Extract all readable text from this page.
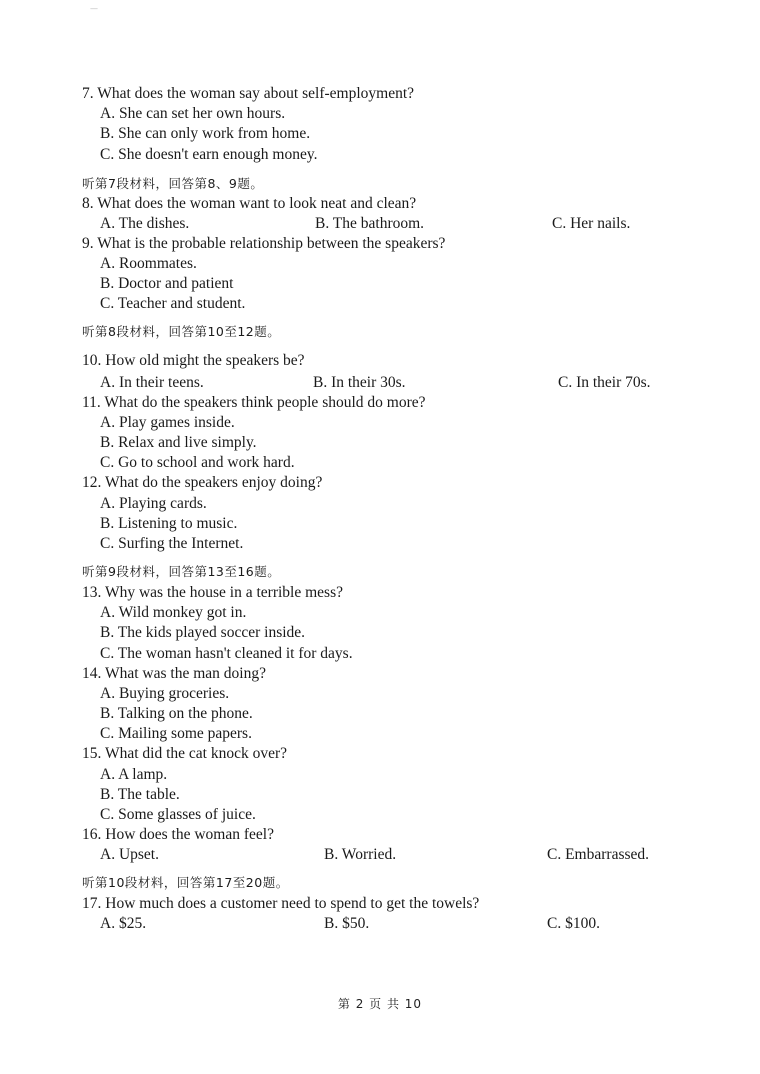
—
7. What does the woman say about self-employment?
A. She can set her own hours.
B. She can only work from home.
C. She doesn't earn enough money.
听第7段材料，回答第8、9题。
8. What does the woman want to look neat and clean?
A. The dishes.	B. The bathroom.	C. Her nails.
9. What is the probable relationship between the speakers?
A. Roommates.
B. Doctor and patient
C. Teacher and student.
听第8段材料，回答第10至12题。
10. How old might the speakers be?
A. In their teens.	B. In their 30s.	C. In their 70s.
11. What do the speakers think people should do more?
A. Play games inside.
B. Relax and live simply.
C. Go to school and work hard.
12. What do the speakers enjoy doing?
A. Playing cards.
B. Listening to music.
C. Surfing the Internet.
听第9段材料，回答第13至16题。
13. Why was the house in a terrible mess?
A. Wild monkey got in.
B. The kids played soccer inside.
C. The woman hasn't cleaned it for days.
14. What was the man doing?
A. Buying groceries.
B. Talking on the phone.
C. Mailing some papers.
15. What did the cat knock over?
A. A lamp.
B. The table.
C. Some glasses of juice.
16. How does the woman feel?
A. Upset.	B. Worried.	C. Embarrassed.
听第10段材料，回答第17至20题。
17. How much does a customer need to spend to get the towels?
A. $25.	B. $50.	C. $100.
第 2 页 共 10
